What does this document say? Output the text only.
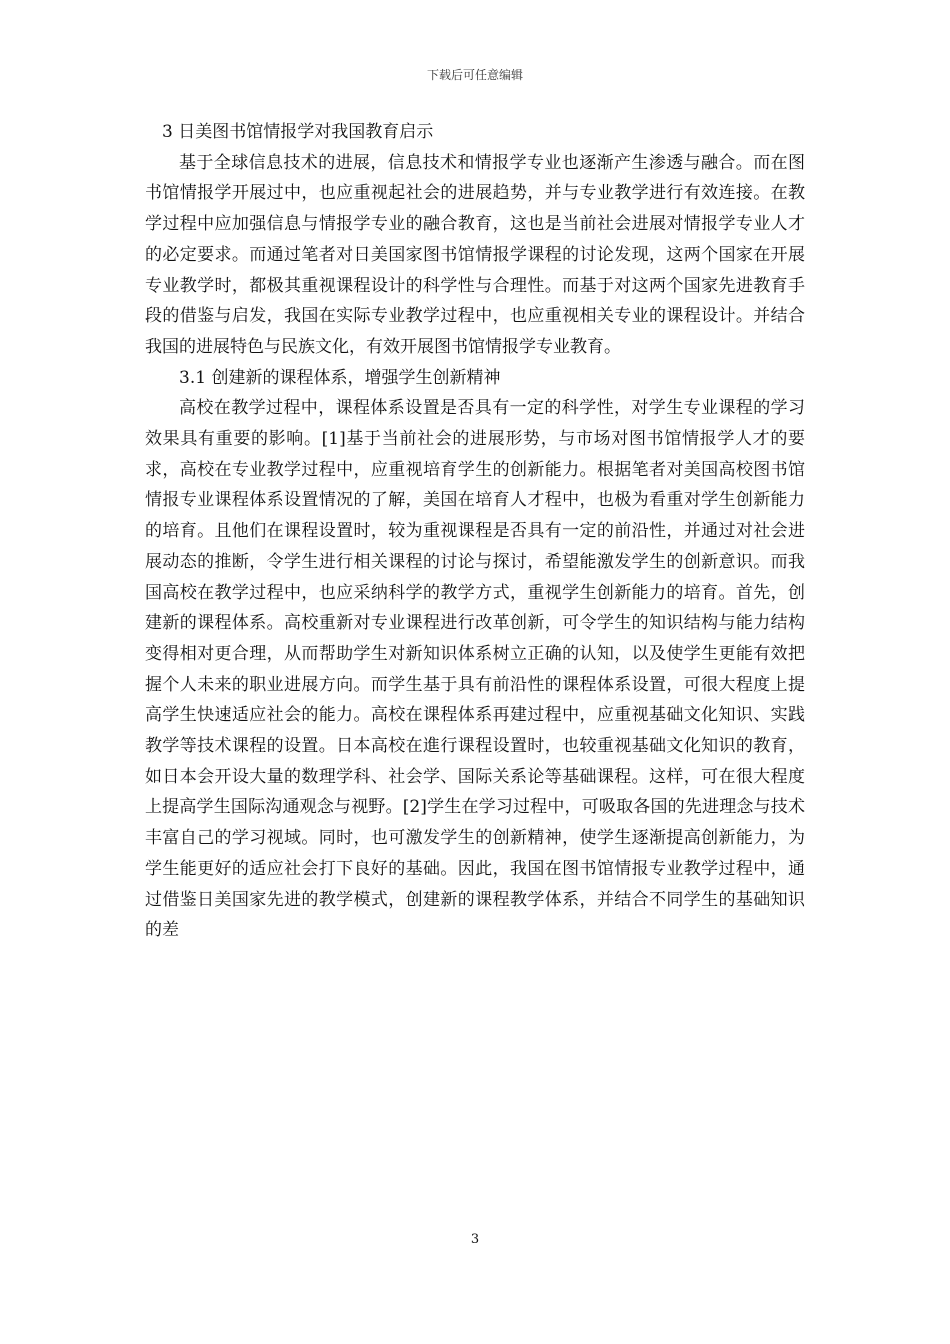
下载后可任意编辑

3 日美图书馆情报学对我国教育启示

基于全球信息技术的进展，信息技术和情报学专业也逐渐产生渗透与融合。而在图书馆情报学开展过中，也应重视起社会的进展趋势，并与专业教学进行有效连接。在教学过程中应加强信息与情报学专业的融合教育，这也是当前社会进展对情报学专业人才的必定要求。而通过笔者对日美国家图书馆情报学课程的讨论发现，这两个国家在开展专业教学时，都极其重视课程设计的科学性与合理性。而基于对这两个国家先进教育手段的借鉴与启发，我国在实际专业教学过程中，也应重视相关专业的课程设计。并结合我国的进展特色与民族文化，有效开展图书馆情报学专业教育。

3.1 创建新的课程体系，增强学生创新精神

高校在教学过程中，课程体系设置是否具有一定的科学性，对学生专业课程的学习效果具有重要的影响。[1]基于当前社会的进展形势，与市场对图书馆情报学人才的要求，高校在专业教学过程中，应重视培育学生的创新能力。根据笔者对美国高校图书馆情报专业课程体系设置情况的了解，美国在培育人才程中，也极为看重对学生创新能力的培育。且他们在课程设置时，较为重视课程是否具有一定的前沿性，并通过对社会进展动态的推断，令学生进行相关课程的讨论与探讨，希望能激发学生的创新意识。而我国高校在教学过程中，也应采纳科学的教学方式，重视学生创新能力的培育。首先，创建新的课程体系。高校重新对专业课程进行改革创新，可令学生的知识结构与能力结构变得相对更合理，从而帮助学生对新知识体系树立正确的认知，以及使学生更能有效把握个人未来的职业进展方向。而学生基于具有前沿性的课程体系设置，可很大程度上提高学生快速适应社会的能力。高校在课程体系再建过程中，应重视基础文化知识、实践教学等技术课程的设置。日本高校在進行课程设置时，也较重视基础文化知识的教育，如日本会开设大量的数理学科、社会学、国际关系论等基础课程。这样，可在很大程度上提高学生国际沟通观念与视野。[2]学生在学习过程中，可吸取各国的先进理念与技术丰富自己的学习视域。同时，也可激发学生的创新精神，使学生逐渐提高创新能力，为学生能更好的适应社会打下良好的基础。因此，我国在图书馆情报专业教学过程中，通过借鉴日美国家先进的教学模式，创建新的课程教学体系，并结合不同学生的基础知识的差

3
